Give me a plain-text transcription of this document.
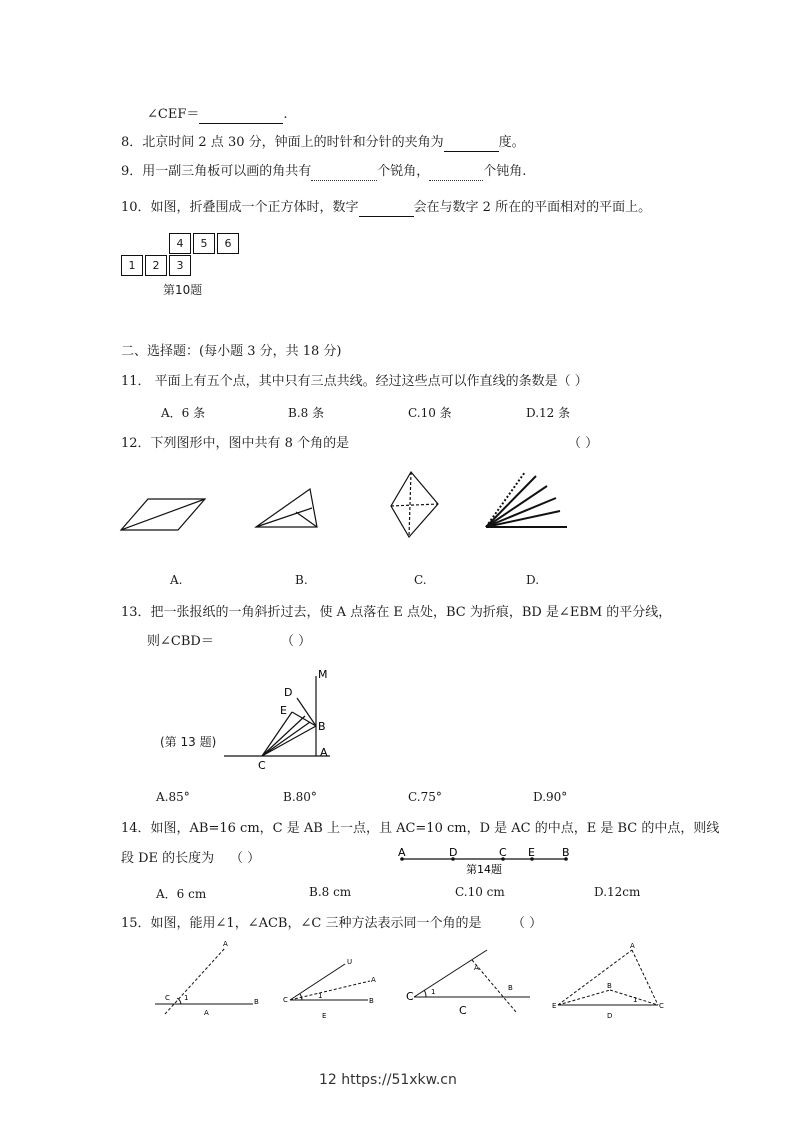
∠CEF＝	.
8．北京时间 2 点 30 分，钟面上的时针和分针的夹角为	度。
9．用一副三角板可以画的角共有	个锐角，	个钝角.
10．如图，折叠围成一个正方体时，数字	会在与数字 2 所在的平面相对的平面上。
4	5	6
1	2	3
第10题
二、选择题：(每小题 3 分，共 18 分)
11． 平面上有五个点，其中只有三点共线。经过这些点可以作直线的条数是（ ）
A．6 条	B.8 条	C.10 条	D.12 条
12．下列图形中，图中共有 8 个角的是	（ ）
A.	B.	C.	D.
13．把一张报纸的一角斜折过去，使 A 点落在 E 点处，BC 为折痕，BD 是∠EBM 的平分线，
则∠CBD＝	（ ）
M
D
E
B
A
C
(第 13 题)
A.85°	B.80°	C.75°	D.90°
14．如图，AB=16 cm，C 是 AB 上一点，且 AC=10 cm，D 是 AC 的中点，E 是 BC 的中点，则线
段 DE 的长度为 （ ）	A	D	C E B
第14题
A．6 cm	B.8 cm	C.10 cm	D.12cm
15．如图，能用∠1，∠ACB，∠C 三种方法表示同一个角的是 （ ）
A
C 1	B
A
U
A
C	1
B
E
A
C 1	B
C
A
B
E
1
C
D
12 https://51xkw.cn
